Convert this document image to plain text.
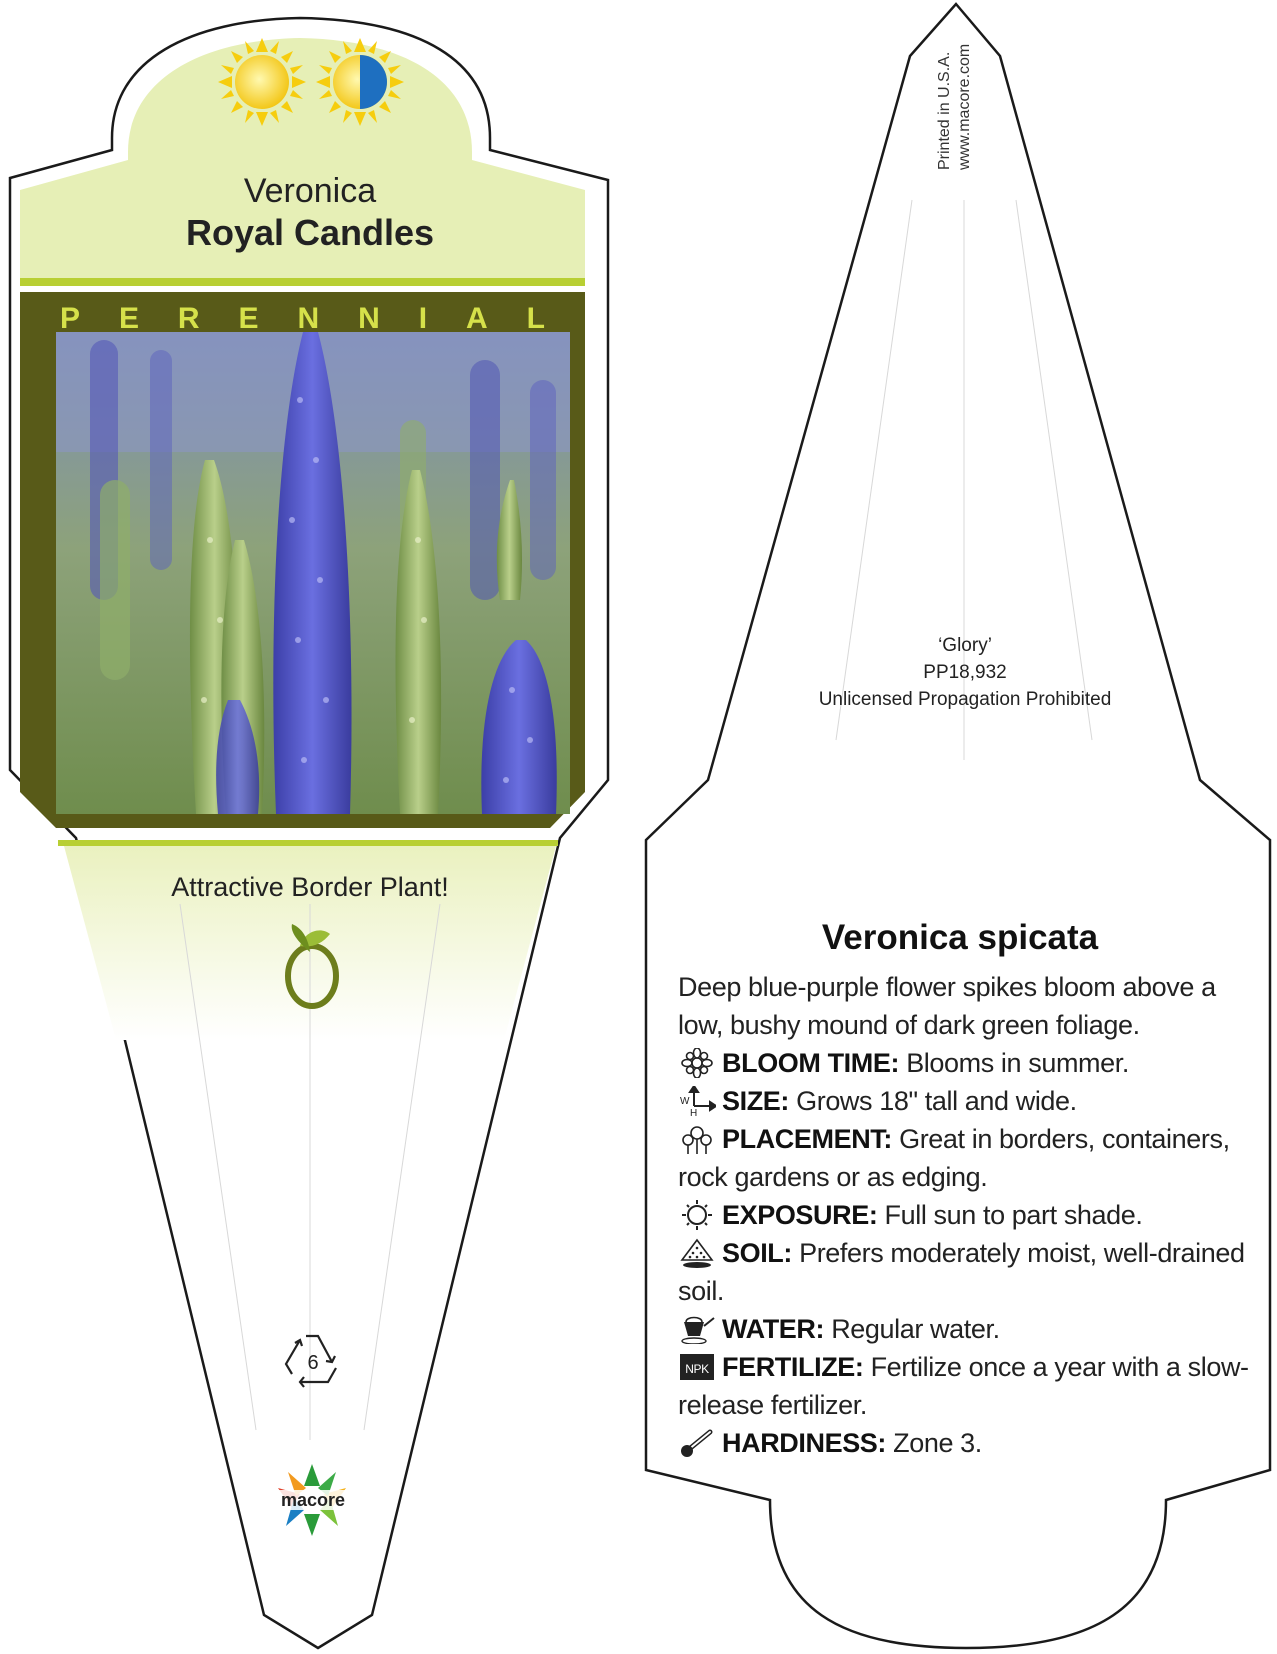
Veronica
Royal Candles
P E R E N N I A L
Attractive Border Plant!
6
macore
Printed in U.S.A. www.macore.com
‘Glory’
PP18,932
Unlicensed Propagation Prohibited
Veronica spicata
Deep blue-purple flower spikes bloom above a low, bushy mound of dark green foliage.
BLOOM TIME: Blooms in summer.
W
H SIZE: Grows 18" tall and wide.
PLACEMENT: Great in borders, containers, rock gardens or as edging.
EXPOSURE: Full sun to part shade.
SOIL: Prefers moderately moist, well-drained soil.
WATER: Regular water.
NPK FERTILIZE: Fertilize once a year with a slow-release fertilizer.
HARDINESS: Zone 3.
